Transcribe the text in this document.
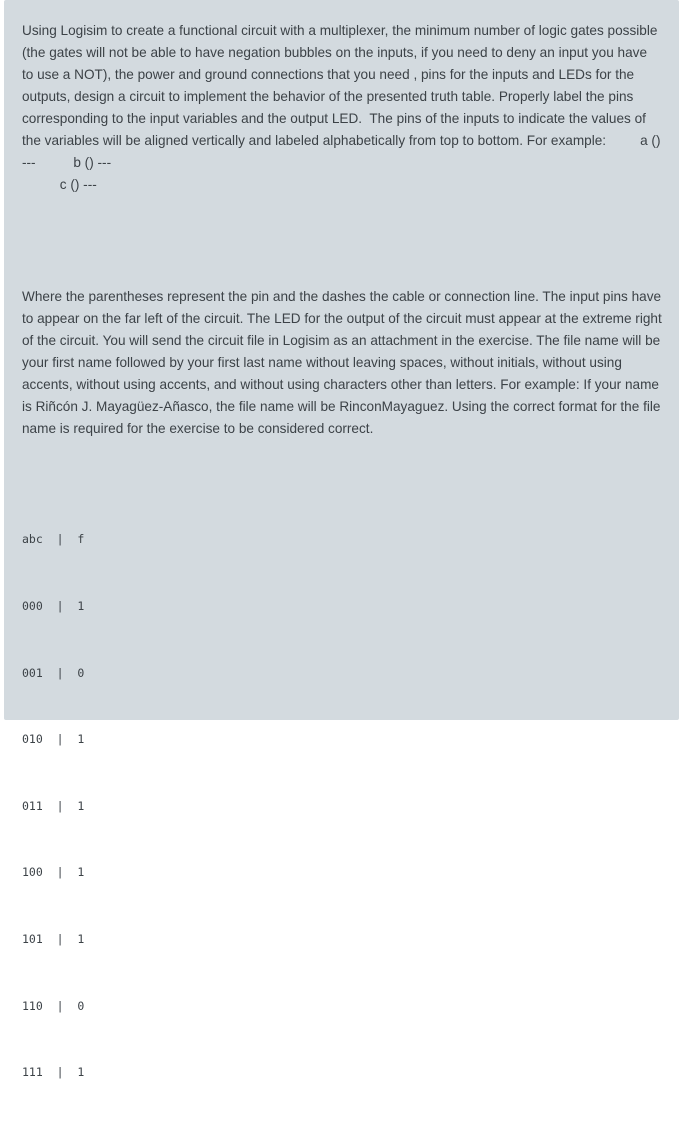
Using Logisim to create a functional circuit with a multiplexer, the minimum number of logic gates possible (the gates will not be able to have negation bubbles on the inputs, if you need to deny an input you have to use a NOT), the power and ground connections that you need , pins for the inputs and LEDs for the outputs, design a circuit to implement the behavior of the presented truth table. Properly label the pins corresponding to the input variables and the output LED.  The pins of the inputs to indicate the values of the variables will be aligned vertically and labeled alphabetically from top to bottom. For example:         a () ---          b () ---
c () ---
Where the parentheses represent the pin and the dashes the cable or connection line. The input pins have to appear on the far left of the circuit. The LED for the output of the circuit must appear at the extreme right of the circuit. You will send the circuit file in Logisim as an attachment in the exercise. The file name will be your first name followed by your first last name without leaving spaces, without initials, without using accents, without using accents, and without using characters other than letters. For example: If your name is Riñcón J. Mayagüez-Añasco, the file name will be RinconMayaguez. Using the correct format for the file name is required for the exercise to be considered correct.

abc  |  f

000  |  1

001  |  0

010  |  1

011  |  1

100  |  1

101  |  1

110  |  0

111  |  1
